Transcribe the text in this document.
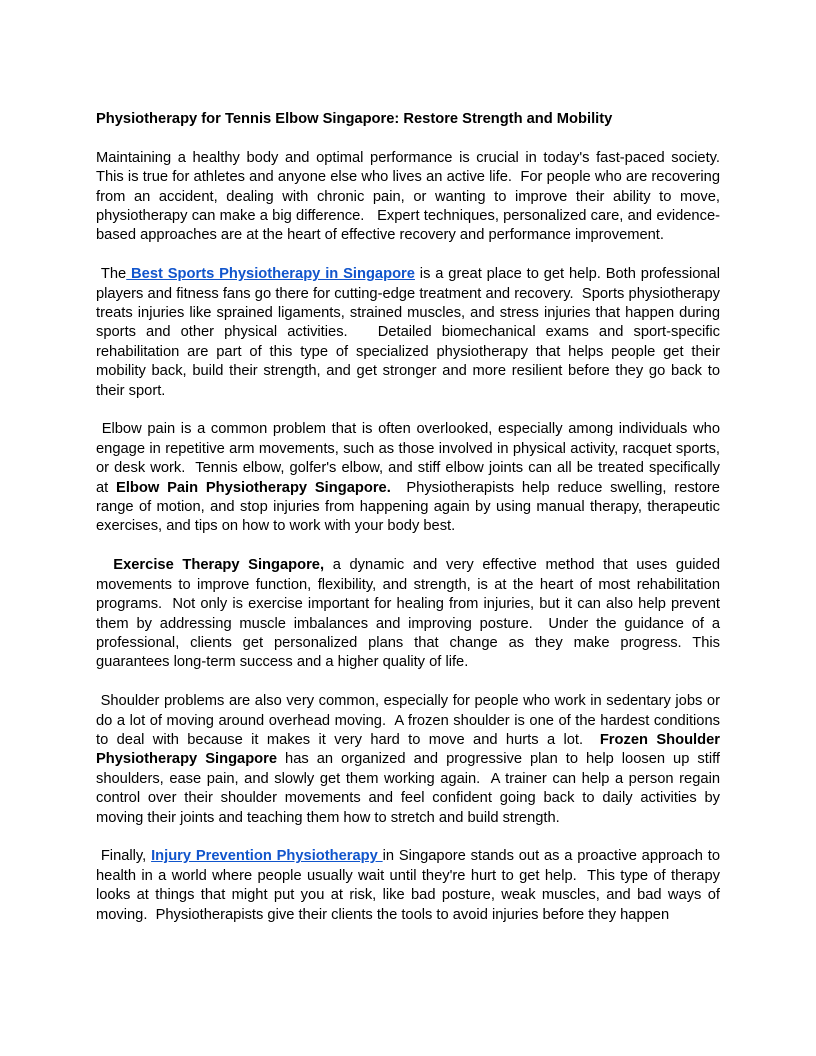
Physiotherapy for Tennis Elbow Singapore: Restore Strength and Mobility

Maintaining a healthy body and optimal performance is crucial in today's fast-paced society. This is true for athletes and anyone else who lives an active life.  For people who are recovering from an accident, dealing with chronic pain, or wanting to improve their ability to move, physiotherapy can make a big difference.   Expert techniques, personalized care, and evidence-based approaches are at the heart of effective recovery and performance improvement.

The Best Sports Physiotherapy in Singapore is a great place to get help. Both professional players and fitness fans go there for cutting-edge treatment and recovery.  Sports physiotherapy treats injuries like sprained ligaments, strained muscles, and stress injuries that happen during sports and other physical activities.   Detailed biomechanical exams and sport-specific rehabilitation are part of this type of specialized physiotherapy that helps people get their mobility back, build their strength, and get stronger and more resilient before they go back to their sport.

Elbow pain is a common problem that is often overlooked, especially among individuals who engage in repetitive arm movements, such as those involved in physical activity, racquet sports, or desk work.  Tennis elbow, golfer's elbow, and stiff elbow joints can all be treated specifically at Elbow Pain Physiotherapy Singapore.  Physiotherapists help reduce swelling, restore range of motion, and stop injuries from happening again by using manual therapy, therapeutic exercises, and tips on how to work with your body best.

Exercise Therapy Singapore, a dynamic and very effective method that uses guided movements to improve function, flexibility, and strength, is at the heart of most rehabilitation programs.  Not only is exercise important for healing from injuries, but it can also help prevent them by addressing muscle imbalances and improving posture.  Under the guidance of a professional, clients get personalized plans that change as they make progress. This guarantees long-term success and a higher quality of life.

Shoulder problems are also very common, especially for people who work in sedentary jobs or do a lot of moving around overhead moving.  A frozen shoulder is one of the hardest conditions to deal with because it makes it very hard to move and hurts a lot.  Frozen Shoulder Physiotherapy Singapore has an organized and progressive plan to help loosen up stiff shoulders, ease pain, and slowly get them working again.  A trainer can help a person regain control over their shoulder movements and feel confident going back to daily activities by moving their joints and teaching them how to stretch and build strength.

Finally, Injury Prevention Physiotherapy in Singapore stands out as a proactive approach to health in a world where people usually wait until they're hurt to get help.  This type of therapy looks at things that might put you at risk, like bad posture, weak muscles, and bad ways of moving.  Physiotherapists give their clients the tools to avoid injuries before they happen
